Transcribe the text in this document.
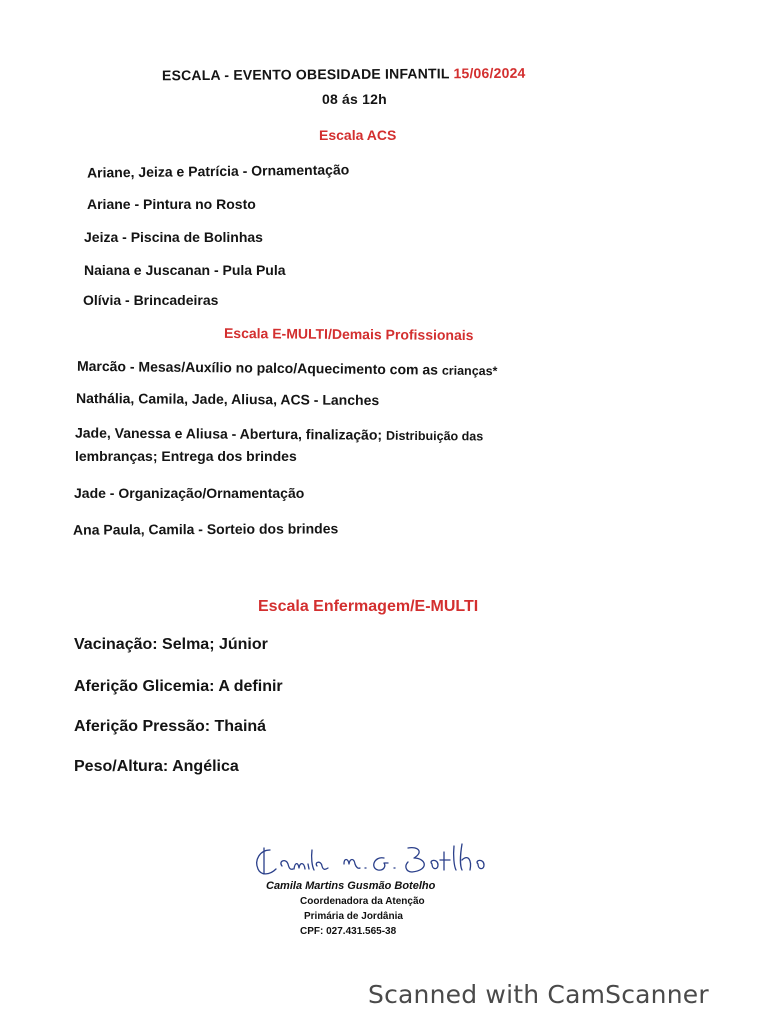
ESCALA - EVENTO OBESIDADE INFANTIL 15/06/2024
08 ás 12h
Escala ACS
Ariane, Jeiza e Patrícia - Ornamentação
Ariane - Pintura no Rosto
Jeiza - Piscina de Bolinhas
Naiana e Juscanan - Pula Pula
Olívia - Brincadeiras
Escala E-MULTI/Demais Profissionais
Marcão - Mesas/Auxílio no palco/Aquecimento com as crianças*
Nathália, Camila, Jade, Aliusa, ACS - Lanches
Jade, Vanessa e Aliusa - Abertura, finalização; Distribuição das
lembranças; Entrega dos brindes
Jade - Organização/Ornamentação
Ana Paula, Camila - Sorteio dos brindes
Escala Enfermagem/E-MULTI
Vacinação: Selma; Júnior
Aferição Glicemia: A definir
Aferição Pressão: Thainá
Peso/Altura: Angélica
Camila Martins Gusmão Botelho
Coordenadora da Atenção
Primária de Jordânia
CPF: 027.431.565-38
Scanned with CamScanner
